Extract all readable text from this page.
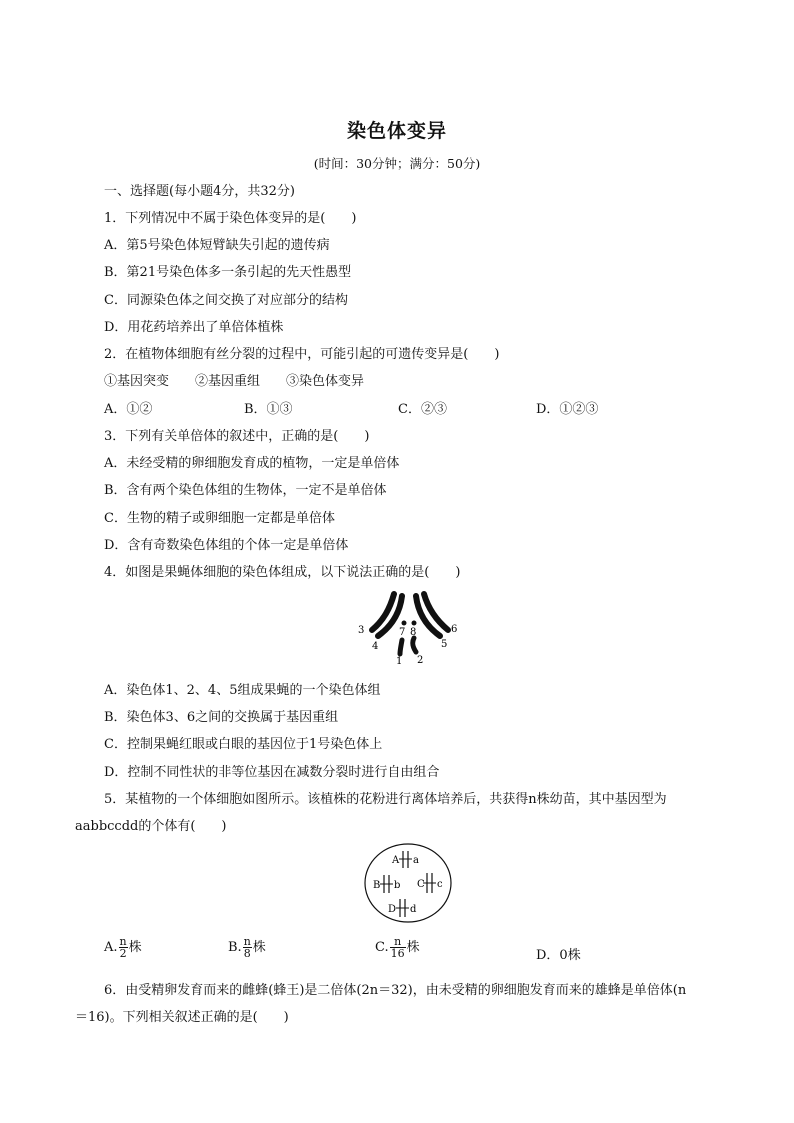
染色体变异
(时间：30分钟；满分：50分)
一、选择题(每小题4分，共32分)
1．下列情况中不属于染色体变异的是(　　)
A．第5号染色体短臂缺失引起的遗传病
B．第21号染色体多一条引起的先天性愚型
C．同源染色体之间交换了对应部分的结构
D．用花药培养出了单倍体植株
2．在植物体细胞有丝分裂的过程中，可能引起的可遗传变异是(　　)
①基因突变　　②基因重组　　③染色体变异
A．①②	B．①③	C．②③	D．①②③
3．下列有关单倍体的叙述中，正确的是(　　)
A．未经受精的卵细胞发育成的植物，一定是单倍体
B．含有两个染色体组的生物体，一定不是单倍体
C．生物的精子或卵细胞一定都是单倍体
D．含有奇数染色体组的个体一定是单倍体
4．如图是果蝇体细胞的染色体组成，以下说法正确的是(　　)
3
4
7 8
5
6
1 2
A．染色体1、2、4、5组成果蝇的一个染色体组
B．染色体3、6之间的交换属于基因重组
C．控制果蝇红眼或白眼的基因位于1号染色体上
D．控制不同性状的非等位基因在减数分裂时进行自由组合
5．某植物的一个体细胞如图所示。该植株的花粉进行离体培养后，共获得n株幼苗，其中基因型为
aabbccdd的个体有(　　)
A a
B b C c
D d
A. $\frac{n}{2}$ 株	B. $\frac{n}{8}$ 株	C. $\frac{n}{16}$ 株
D．0株
6．由受精卵发育而来的雌蜂(蜂王)是二倍体(2n＝32)，由未受精的卵细胞发育而来的雄蜂是单倍体(n
＝16)。下列相关叙述正确的是(　　)
